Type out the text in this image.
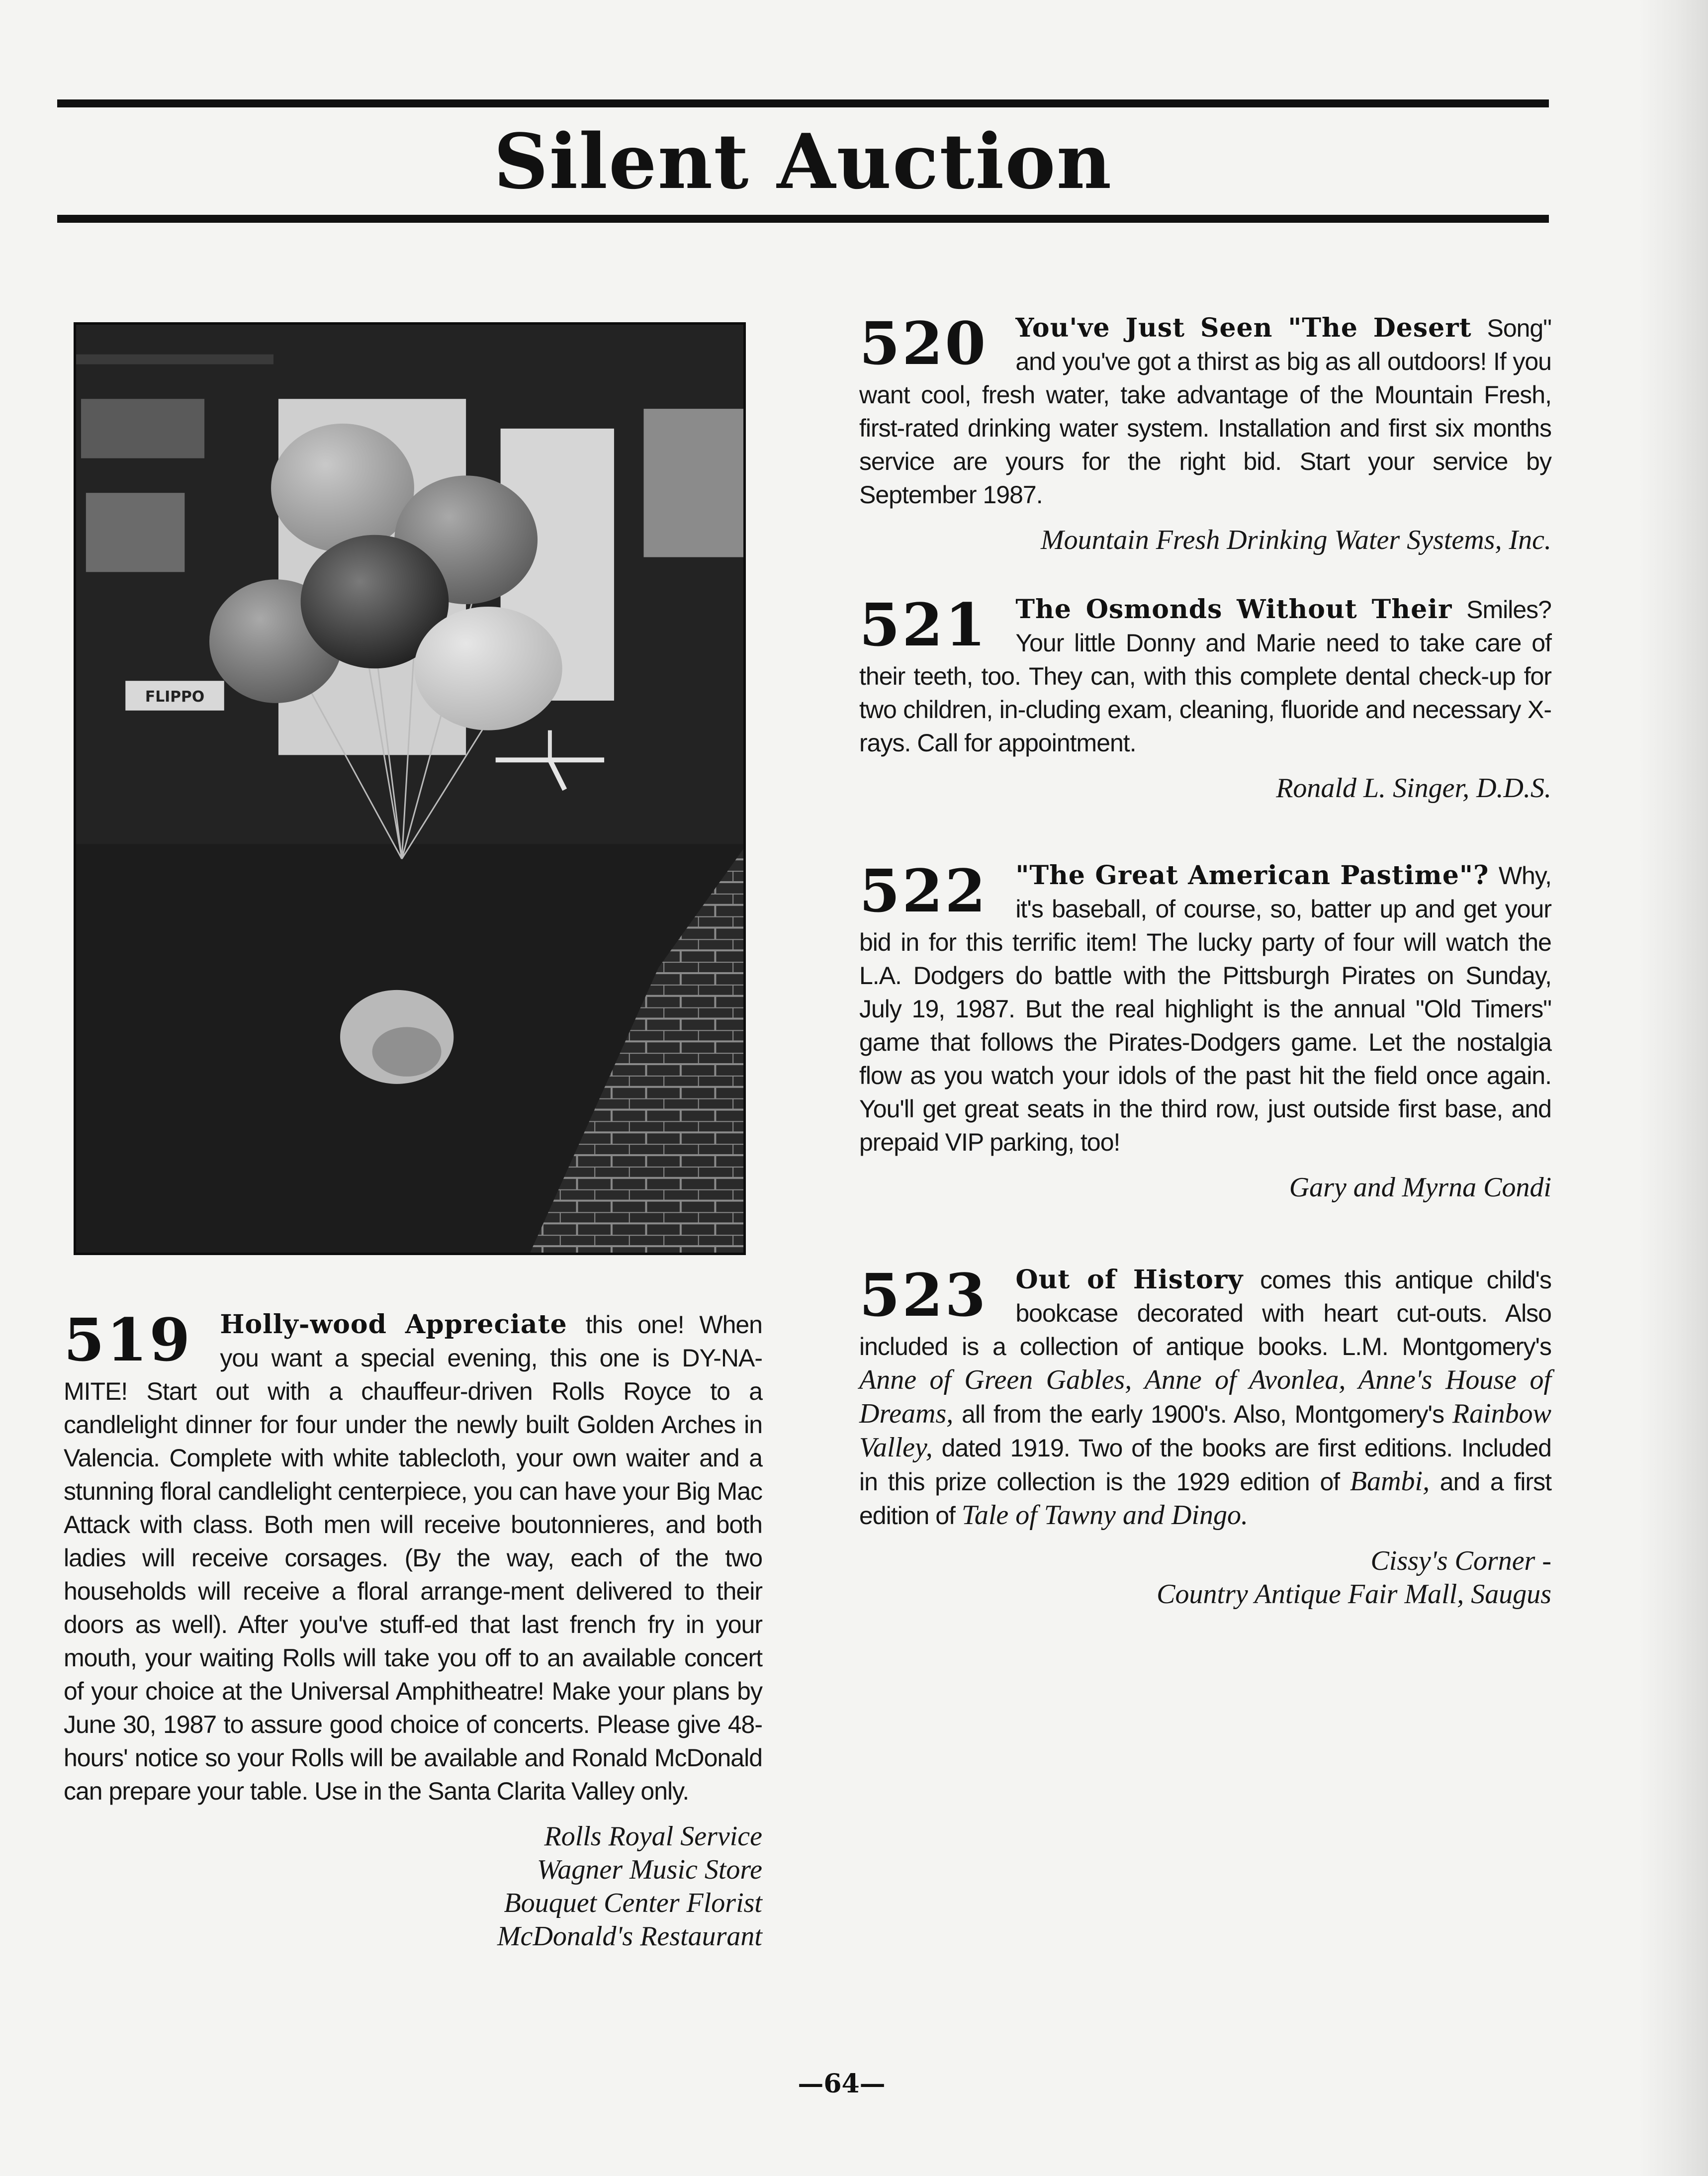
Silent Auction
FLIPPO
519	Holly-wood Appreciate this one! When you want a special evening, this one is DY-NA-MITE! Start out with a chauffeur-driven Rolls Royce to a candlelight dinner for four under the newly built Golden Arches in Valencia. Complete with white tablecloth, your own waiter and a stunning floral candlelight centerpiece, you can have your Big Mac Attack with class. Both men will receive boutonnieres, and both ladies will receive corsages. (By the way, each of the two households will receive a floral arrange-ment delivered to their doors as well). After you've stuff-ed that last french fry in your mouth, your waiting Rolls will take you off to an available concert of your choice at the Universal Amphitheatre! Make your plans by June 30, 1987 to assure good choice of concerts. Please give 48-hours' notice so your Rolls will be available and Ronald McDonald can prepare your table. Use in the Santa Clarita Valley only.

Rolls Royal Service
Wagner Music Store
Bouquet Center Florist
McDonald's Restaurant
520	You've Just Seen "The Desert Song" and you've got a thirst as big as all outdoors! If you want cool, fresh water, take advantage of the Mountain Fresh, first-rated drinking water system. Installation and first six months service are yours for the right bid. Start your service by September 1987.

Mountain Fresh Drinking Water Systems, Inc.
521	The Osmonds Without Their Smiles? Your little Donny and Marie need to take care of their teeth, too. They can, with this complete dental check-up for two children, in-cluding exam, cleaning, fluoride and necessary X-rays. Call for appointment.

Ronald L. Singer, D.D.S.
522	"The Great American Pastime"? Why, it's baseball, of course, so, batter up and get your bid in for this terrific item! The lucky party of four will watch the L.A. Dodgers do battle with the Pittsburgh Pirates on Sunday, July 19, 1987. But the real highlight is the annual "Old Timers" game that follows the Pirates-Dodgers game. Let the nostalgia flow as you watch your idols of the past hit the field once again. You'll get great seats in the third row, just outside first base, and prepaid VIP parking, too!

Gary and Myrna Condi
523	Out of History comes this antique child's bookcase decorated with heart cut-outs. Also included is a collection of antique books. L.M. Montgomery's Anne of Green Gables, Anne of Avonlea, Anne's House of Dreams, all from the early 1900's. Also, Montgomery's Rainbow Valley, dated 1919. Two of the books are first editions. Included in this prize collection is the 1929 edition of Bambi, and a first edition of Tale of Tawny and Dingo.

Cissy's Corner -
Country Antique Fair Mall, Saugus
—64—
